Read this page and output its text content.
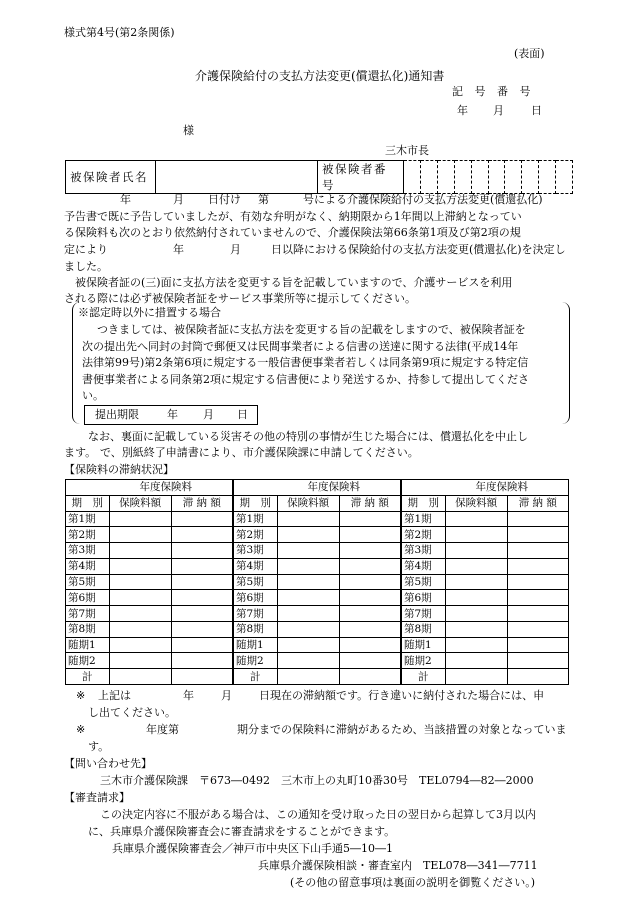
様式第4号(第2条関係)
(表面)
介護保険給付の支払方法変更(償還払化)通知書
記 号 番 号
年 月 日
様
三木市長
被保険者氏名		被保険者番号										
年	月 日付け 第	号による介護保険給付の支払方法変更(償還払化)
予告書で既に予告していましたが、有効な弁明がなく、納期限から1年間以上滞納となってい
る保険料も次のとおり依然納付されていませんので、介護保険法第66条第1項及び第2項の規
定により	年	月	日以降における保険給付の支払方法変更(償還払化)を決定し
ました。
被保険者証の(三)面に支払方法を変更する旨を記載していますので、介護サービスを利用
される際には必ず被保険者証をサービス事業所等に提示してください。
※認定時以外に措置する場合
つきましては、被保険者証に支払方法を変更する旨の記載をしますので、被保険者証を
次の提出先へ同封の封筒で郵便又は民間事業者による信書の送達に関する法律(平成14年
法律第99号)第2条第6項に規定する一般信書便事業者若しくは同条第9項に規定する特定信
書便事業者による同条第2項に規定する信書便により発送するか、持参して提出してくださ
い。
提出期限	年 月 日
なお、裏面に記載している災害その他の特別の事情が生じた場合には、償還払化を中止し
ます。 で、別紙終了申請書により、市介護保険課に申請してください。
【保険料の滞納状況】
年度保険料		
期　別	保険料額	滞 納 額
第1期		
第2期		
第3期		
第4期		
第5期		
第6期		
第7期		
第8期		
随期1		
随期2		
計		
年度保険料		
期　別	保険料額	滞 納 額
第1期		
第2期		
第3期		
第4期		
第5期		
第6期		
第7期		
第8期		
随期1		
随期2		
計		
年度保険料		
期　別	保険料額	滞 納 額
第1期		
第2期		
第3期		
第4期		
第5期		
第6期		
第7期		
第8期		
随期1		
随期2		
計		
※ 上記は	年 月 日現在の滞納額です。行き違いに納付された場合には、申
し出てください。
※	年度第	期分までの保険料に滞納があるため、当該措置の対象となっていま
す。
【問い合わせ先】
三木市介護保険課　〒673―0492　三木市上の丸町10番30号　TEL0794―82―2000
【審査請求】
この決定内容に不服がある場合は、この通知を受け取った日の翌日から起算して3月以内
に、兵庫県介護保険審査会に審査請求をすることができます。
兵庫県介護保険審査会／神戸市中央区下山手通5―10―1
兵庫県介護保険相談・審査室内　TEL078―341―7711
(その他の留意事項は裏面の説明を御覧ください。)
